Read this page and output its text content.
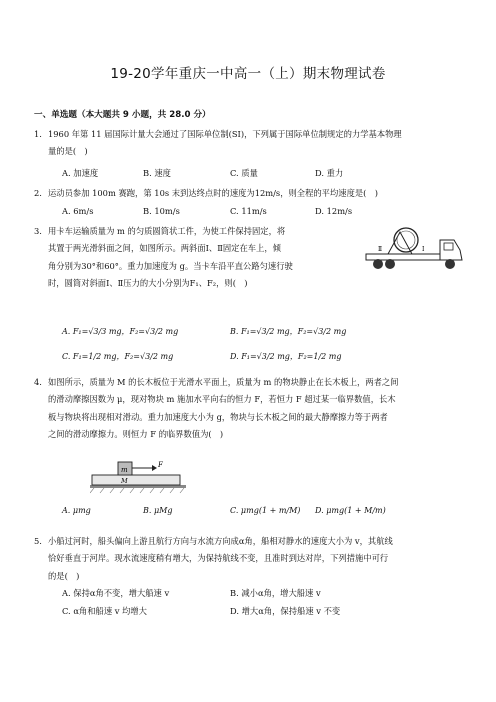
19-20学年重庆一中高一（上）期末物理试卷
一、单选题（本大题共 9 小题，共 28.0 分）
1. 1960 年第 11 届国际计量大会通过了国际单位制(SI)，下列属于国际单位制规定的力学基本物理
量的是(　)
A. 加速度	B. 速度	C. 质量	D. 重力
2. 运动员参加 100m 赛跑，第 10s 末到达终点时的速度为12m/s，则全程的平均速度是(　)
A. 6m/s	B. 10m/s	C. 11m/s	D. 12m/s
3. 用卡车运输质量为 m 的匀质圆筒状工件，为使工件保持固定，将
其置于两光滑斜面之间，如图所示。两斜面Ⅰ、Ⅱ固定在车上，倾
角分别为30°和60°。重力加速度为 g。当卡车沿平直公路匀速行驶
时，圆筒对斜面Ⅰ、Ⅱ压力的大小分别为F₁、F₂，则(　)
Ⅱ	Ⅰ
A. F₁=√3/3 mg，F₂=√3/2 mg	B. F₁=√3/2 mg，F₂=√3/2 mg
C. F₁=1/2 mg，F₂=√3/2 mg	D. F₁=√3/2 mg，F₂=1/2 mg
4. 如图所示，质量为 M 的长木板位于光滑水平面上，质量为 m 的物块静止在长木板上，两者之间
的滑动摩擦因数为 μ，现对物块 m 施加水平向右的恒力 F，若恒力 F 超过某一临界数值，长木
板与物块将出现相对滑动。重力加速度大小为 g，物块与长木板之间的最大静摩擦力等于两者
之间的滑动摩擦力。则恒力 F 的临界数值为(　)
m
F
M
A. μmg	B. μMg	C. μmg(1 + m/M) D. μmg(1 + M/m)
5. 小船过河时，船头偏向上游且航行方向与水流方向成α角，船相对静水的速度大小为 v，其航线
恰好垂直于河岸。现水流速度稍有增大，为保持航线不变，且准时到达对岸，下列措施中可行
的是(　)
A. 保持α角不变，增大船速 v	B. 减小α角，增大船速 v
C. α角和船速 v 均增大	D. 增大α角，保持船速 v 不变
